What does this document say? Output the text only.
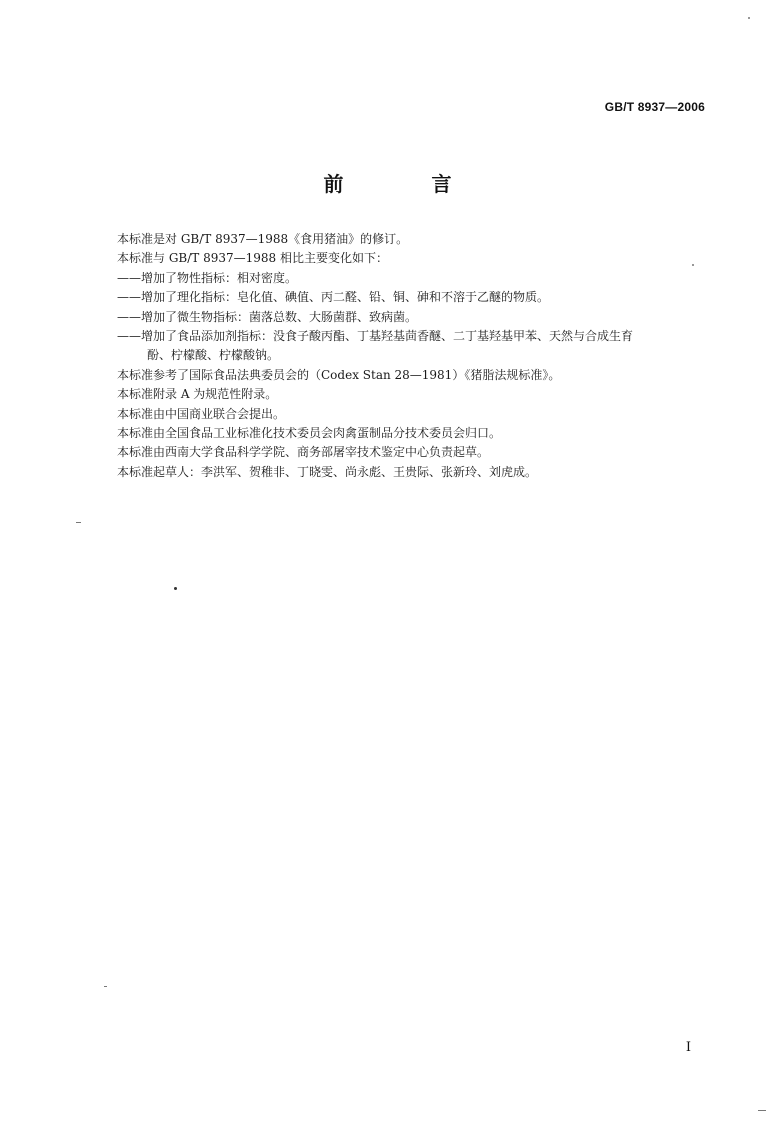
GB/T 8937—2006
前　言

本标准是对 GB/T 8937—1988《食用猪油》的修订。

本标准与 GB/T 8937—1988 相比主要变化如下：

——增加了物性指标：相对密度。

——增加了理化指标：皂化值、碘值、丙二醛、铅、铜、砷和不溶于乙醚的物质。

——增加了微生物指标：菌落总数、大肠菌群、致病菌。

——增加了食品添加剂指标：没食子酸丙酯、丁基羟基茴香醚、二丁基羟基甲苯、天然与合成生育

酚、柠檬酸、柠檬酸钠。

本标准参考了国际食品法典委员会的（Codex Stan 28—1981）《猪脂法规标准》。

本标准附录 A 为规范性附录。

本标准由中国商业联合会提出。

本标准由全国食品工业标准化技术委员会肉禽蛋制品分技术委员会归口。

本标准由西南大学食品科学学院、商务部屠宰技术鉴定中心负责起草。

本标准起草人：李洪军、贺稚非、丁晓雯、尚永彪、王贵际、张新玲、刘虎成。

I
